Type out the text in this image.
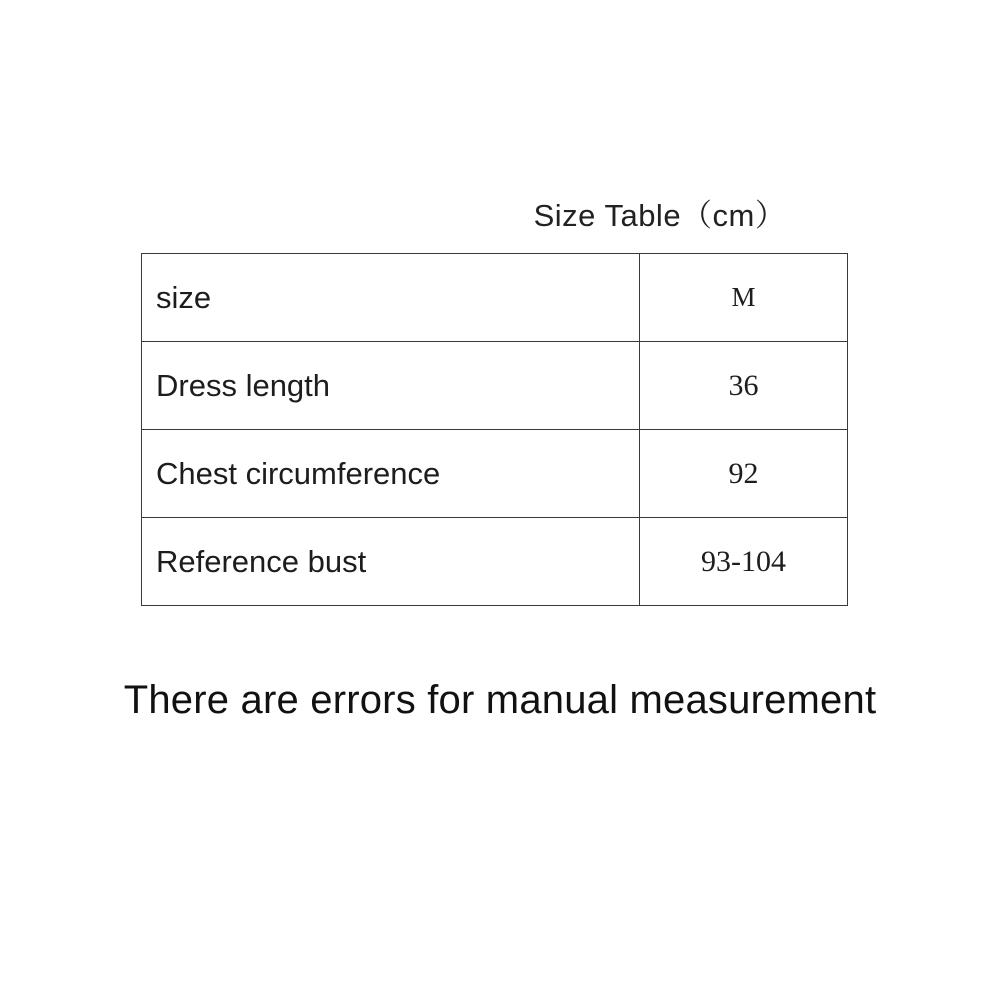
Size Table（cm）
size	M
Dress length	36
Chest circumference	92
Reference bust	93-104
There are errors for manual measurement
